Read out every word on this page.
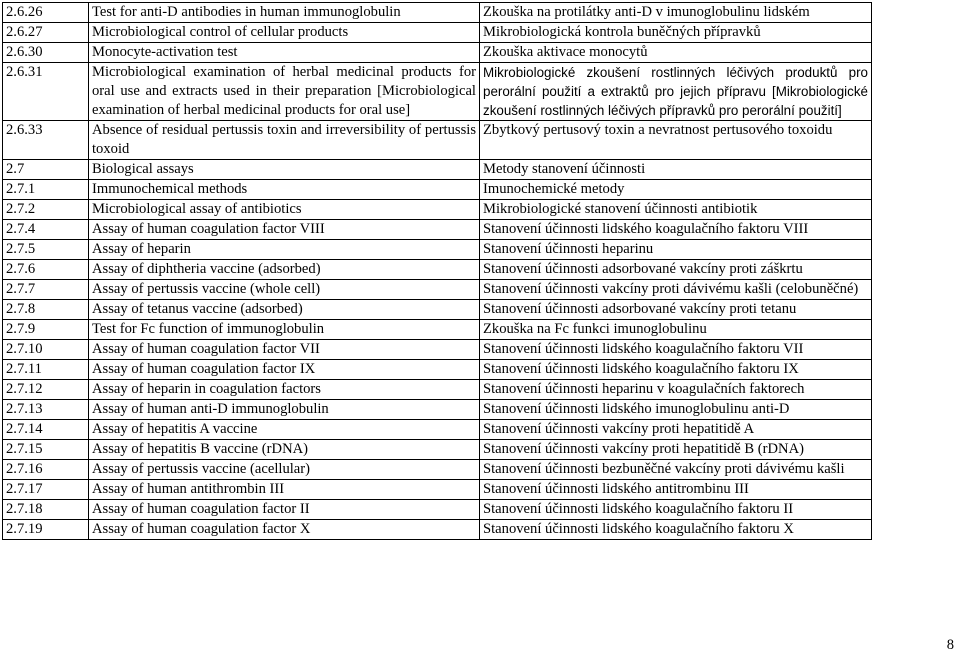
2.6.26	Test for anti-D antibodies in human immunoglobulin	Zkouška na protilátky anti-D v imunoglobulinu lidském
2.6.27	Microbiological control of cellular products	Mikrobiologická kontrola buněčných přípravků
2.6.30	Monocyte-activation test	Zkouška aktivace monocytů
2.6.31	Microbiological examination of herbal medicinal products for oral use and extracts used in their preparation [Microbiological examination of herbal medicinal products for oral use]	Mikrobiologické zkoušení rostlinných léčivých produktů pro perorální použití a extraktů pro jejich přípravu [Mikrobiologické zkoušení rostlinných léčivých přípravků pro perorální použití]
2.6.33	Absence of residual pertussis toxin and irreversibility of pertussis toxoid	Zbytkový pertusový toxin a nevratnost pertusového toxoidu
2.7	Biological assays	Metody stanovení účinnosti
2.7.1	Immunochemical methods	Imunochemické metody
2.7.2	Microbiological assay of antibiotics	Mikrobiologické stanovení účinnosti antibiotik
2.7.4	Assay of human coagulation factor VIII	Stanovení účinnosti lidského koagulačního faktoru VIII
2.7.5	Assay of heparin	Stanovení účinnosti heparinu
2.7.6	Assay of diphtheria vaccine (adsorbed)	Stanovení účinnosti adsorbované vakcíny proti záškrtu
2.7.7	Assay of pertussis vaccine (whole cell)	Stanovení účinnosti vakcíny proti dávivému kašli (celobuněčné)
2.7.8	Assay of tetanus vaccine (adsorbed)	Stanovení účinnosti adsorbované vakcíny proti tetanu
2.7.9	Test for Fc function of immunoglobulin	Zkouška na Fc funkci imunoglobulinu
2.7.10	Assay of human coagulation factor VII	Stanovení účinnosti lidského koagulačního faktoru VII
2.7.11	Assay of human coagulation factor IX	Stanovení účinnosti lidského koagulačního faktoru IX
2.7.12	Assay of heparin in coagulation factors	Stanovení účinnosti heparinu v koagulačních faktorech
2.7.13	Assay of human anti-D immunoglobulin	Stanovení účinnosti lidského imunoglobulinu anti-D
2.7.14	Assay of hepatitis A vaccine	Stanovení účinnosti vakcíny proti hepatitidě A
2.7.15	Assay of hepatitis B vaccine (rDNA)	Stanovení účinnosti vakcíny proti hepatitidě B (rDNA)
2.7.16	Assay of pertussis vaccine (acellular)	Stanovení účinnosti bezbuněčné vakcíny proti dávivému kašli
2.7.17	Assay of human antithrombin III	Stanovení účinnosti lidského antitrombinu III
2.7.18	Assay of human coagulation factor II	Stanovení účinnosti lidského koagulačního faktoru II
2.7.19	Assay of human coagulation factor X	Stanovení účinnosti lidského koagulačního faktoru X
8
